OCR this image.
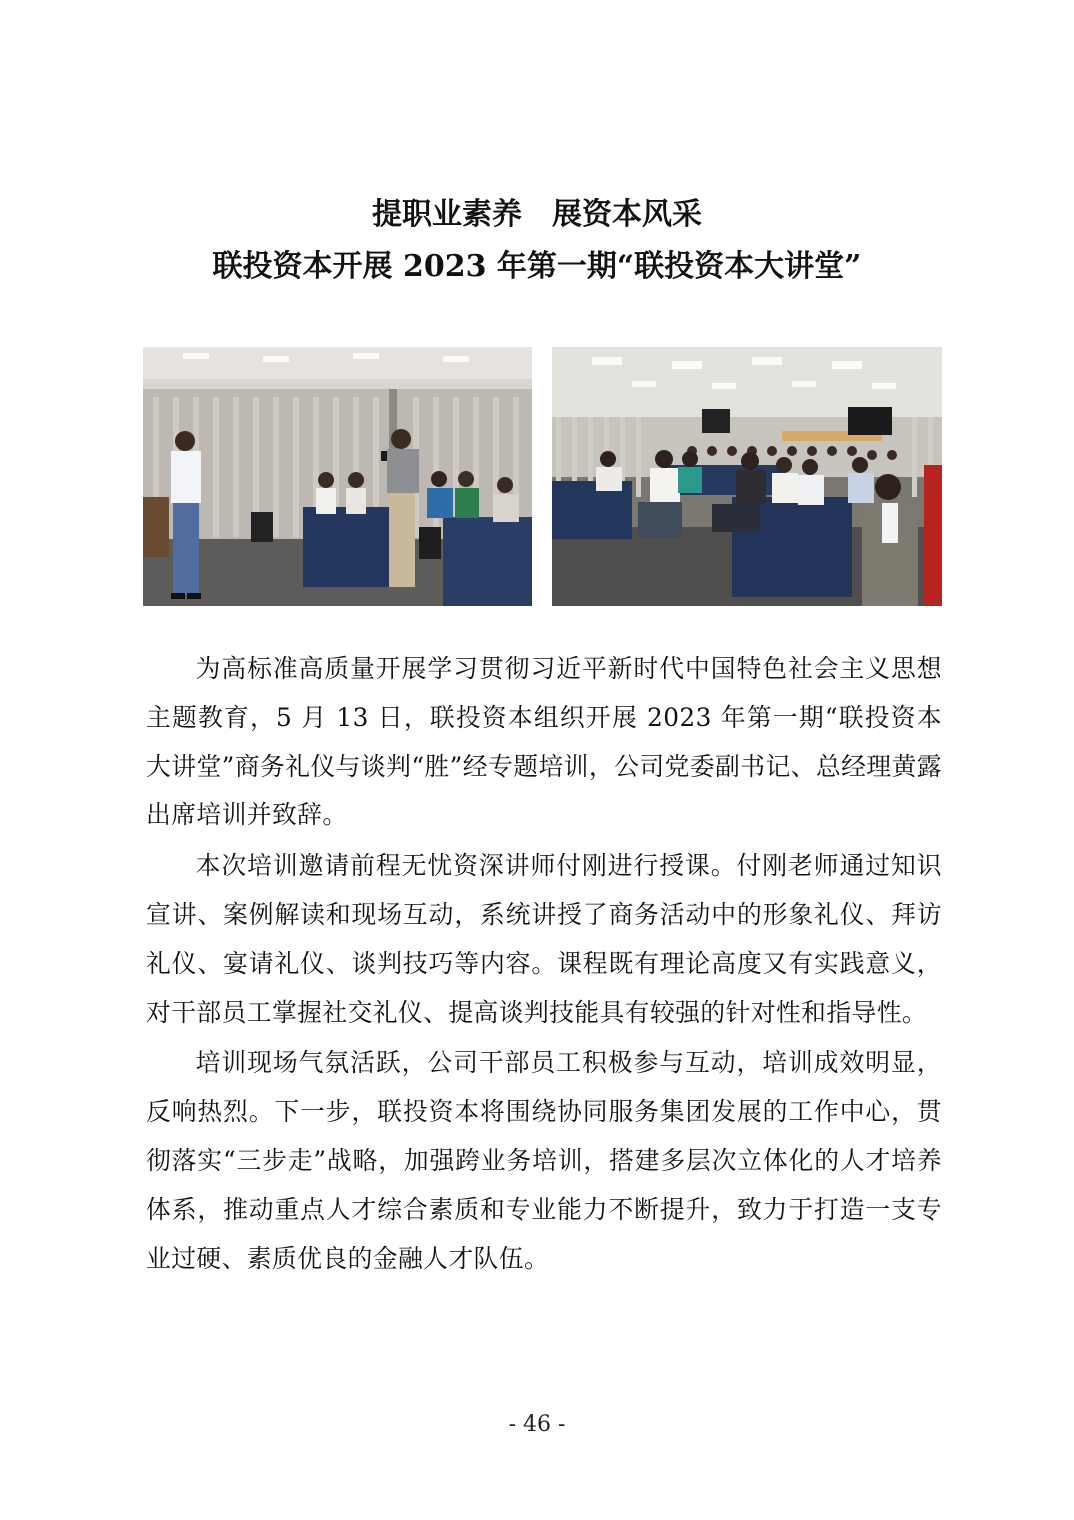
提职业素养　展资本风采
联投资本开展 2023 年第一期“联投资本大讲堂”

为高标准高质量开展学习贯彻习近平新时代中国特色社会主义思想主题教育，5 月 13 日，联投资本组织开展 2023 年第一期“联投资本大讲堂”商务礼仪与谈判“胜”经专题培训，公司党委副书记、总经理黄露出席培训并致辞。

本次培训邀请前程无忧资深讲师付刚进行授课。付刚老师通过知识宣讲、案例解读和现场互动，系统讲授了商务活动中的形象礼仪、拜访礼仪、宴请礼仪、谈判技巧等内容。课程既有理论高度又有实践意义，对干部员工掌握社交礼仪、提高谈判技能具有较强的针对性和指导性。

培训现场气氛活跃，公司干部员工积极参与互动，培训成效明显，反响热烈。下一步，联投资本将围绕协同服务集团发展的工作中心，贯彻落实“三步走”战略，加强跨业务培训，搭建多层次立体化的人才培养体系，推动重点人才综合素质和专业能力不断提升，致力于打造一支专业过硬、素质优良的金融人才队伍。

- 46 -
